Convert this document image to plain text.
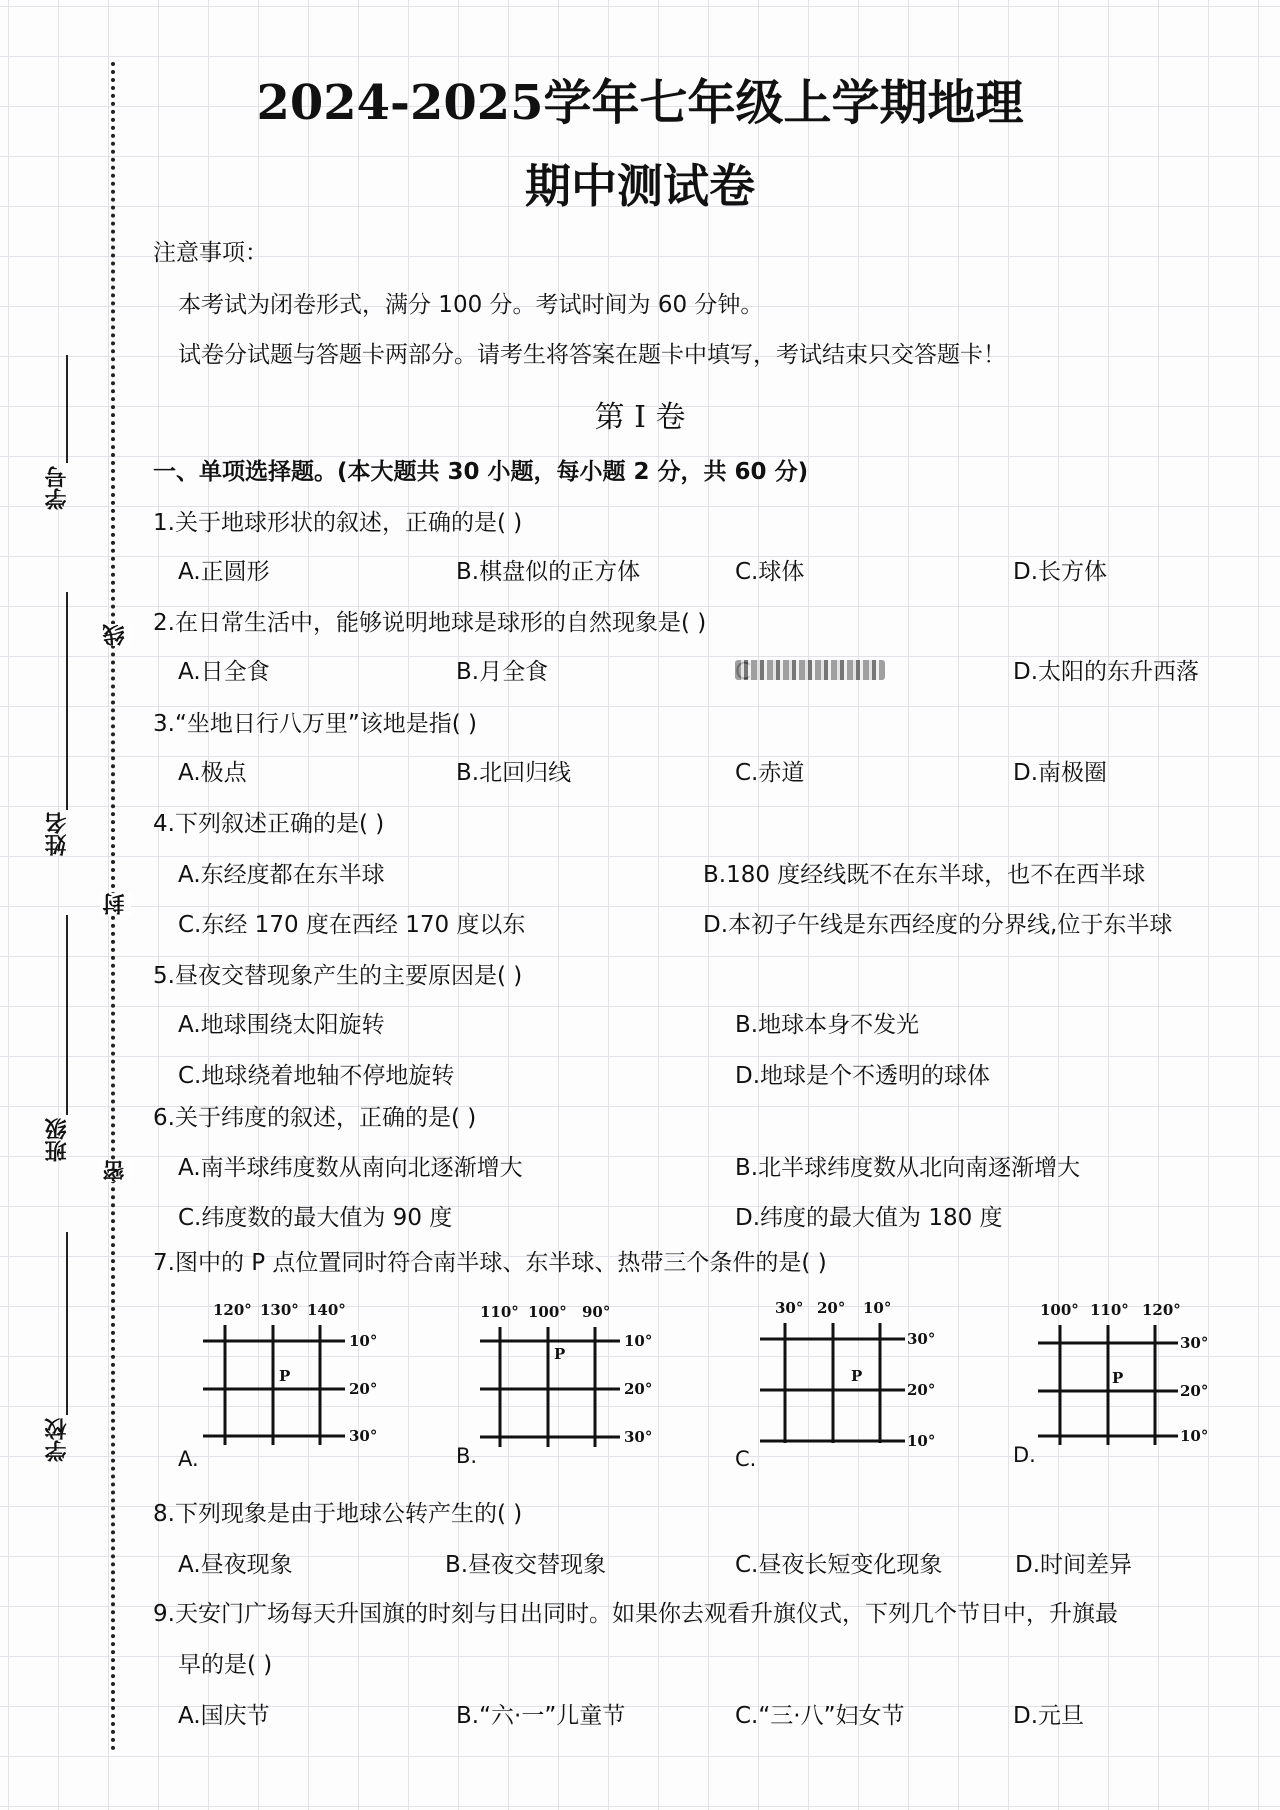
学号
姓名
班级
学校
线
封
密
2024-2025学年七年级上学期地理
期中测试卷
注意事项：
本考试为闭卷形式，满分 100 分。考试时间为 60 分钟。
试卷分试题与答题卡两部分。请考生将答案在题卡中填写，考试结束只交答题卡！
第 I 卷
一、单项选择题。(本大题共 30 小题，每小题 2 分，共 60 分)
1.关于地球形状的叙述，正确的是( )
A.正圆形	B.棋盘似的正方体	C.球体	D.长方体
2.在日常生活中，能够说明地球是球形的自然现象是( )
A.日全食	B.月全食	D.太阳的东升西落
3.“坐地日行八万里”该地是指( )
A.极点	B.北回归线	C.赤道	D.南极圈
4.下列叙述正确的是( )
A.东经度都在东半球	B.180 度经线既不在东半球，也不在西半球
C.东经 170 度在西经 170 度以东	D.本初子午线是东西经度的分界线,位于东半球
5.昼夜交替现象产生的主要原因是( )
A.地球围绕太阳旋转	B.地球本身不发光
C.地球绕着地轴不停地旋转	D.地球是个不透明的球体
6.关于纬度的叙述，正确的是( )
A.南半球纬度数从南向北逐渐增大	B.北半球纬度数从北向南逐渐增大
C.纬度数的最大值为 90 度	D.纬度的最大值为 180 度
7.图中的 P 点位置同时符合南半球、东半球、热带三个条件的是( )
120° 130° 140°
10°
20°
30°
P
A.
110° 100° 90°
10°
20°
30°
P
B.
30° 20° 10°
30°
20°
10°
P
C.
100° 110° 120°
30°
20°
10°
P
D.
8.下列现象是由于地球公转产生的( )
A.昼夜现象	B.昼夜交替现象	C.昼夜长短变化现象	D.时间差异
9.天安门广场每天升国旗的时刻与日出同时。如果你去观看升旗仪式，下列几个节日中，升旗最
早的是( )
A.国庆节	B.“六·一”儿童节	C.“三·八”妇女节	D.元旦
